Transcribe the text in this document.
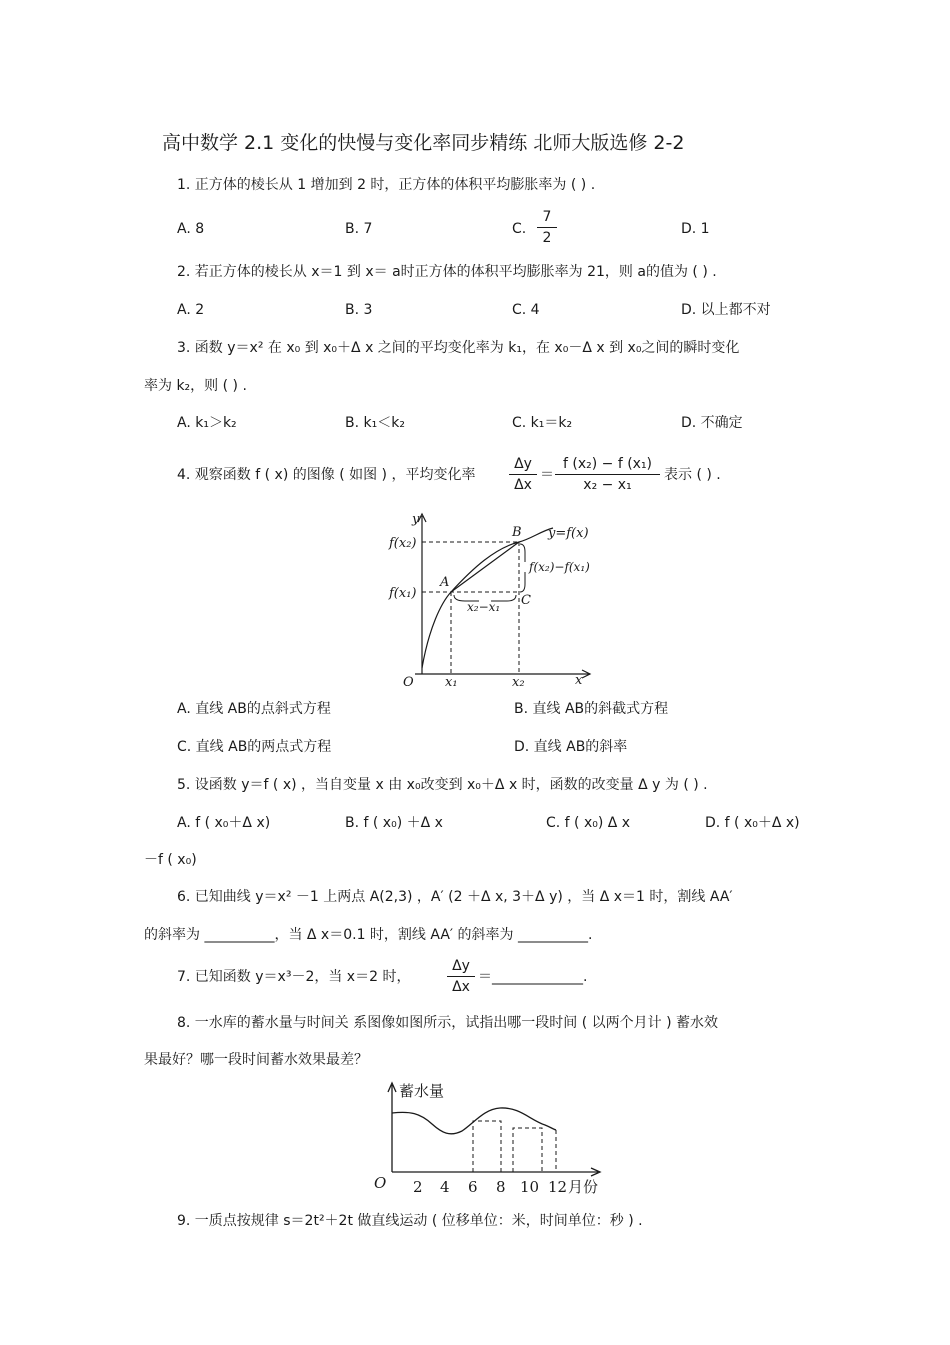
高中数学 2.1 变化的快慢与变化率同步精练 北师大版选修 2-2
1. 正方体的棱长从 1 增加到 2 时，正方体的体积平均膨胀率为 ( ) .
A. 8	B. 7	C.
7
2
D. 1
2. 若正方体的棱长从 x＝1 到 x＝ a时正方体的体积平均膨胀率为 21，则 a的值为 ( ) .
A. 2	B. 3	C. 4	D. 以上都不对
3. 函数 y＝x² 在 x₀ 到 x₀＋Δ x 之间的平均变化率为 k₁，在 x₀－Δ x 到 x₀之间的瞬时变化
率为 k₂，则 ( ) .
A. k₁＞k₂	B. k₁＜k₂	C. k₁＝k₂	D. 不确定
4. 观察函数 f ( x) 的图像 ( 如图 ) ，平均变化率
Δy
Δx
＝
f (x₂) − f (x₁)
x₂ − x₁
表示 ( ) .
y
x
O
f(x₂)
f(x₁)
A
B
C
y=f(x)
f(x₂)−f(x₁)
x₂−x₁
x₁	x₂
A. 直线 AB的点斜式方程	B. 直线 AB的斜截式方程
C. 直线 AB的两点式方程	D. 直线 AB的斜率
5. 设函数 y＝f ( x) ，当自变量 x 由 x₀改变到 x₀＋Δ x 时，函数的改变量 Δ y 为 ( ) .
A. f ( x₀＋Δ x)	B. f ( x₀) ＋Δ x	C. f ( x₀) Δ x	D. f ( x₀＋Δ x)
－f ( x₀)
6. 已知曲线 y＝x² －1 上两点 A(2,3) ，A′ (2 ＋Δ x, 3＋Δ y) ，当 Δ x＝1 时，割线 AA′
的斜率为 __________，当 Δ x＝0.1 时，割线 AA′ 的斜率为 __________.
7. 已知函数 y＝x³－2，当 x＝2 时，
Δy
Δx
＝_____________.
8. 一水库的蓄水量与时间关 系图像如图所示，试指出哪一段时间 ( 以两个月计 ) 蓄水效
果最好？哪一段时间蓄水效果最差？
蓄水量
O 2 4 6 8 10 12 月份
9. 一质点按规律 s＝2t²＋2t 做直线运动 ( 位移单位：米，时间单位：秒 ) .
